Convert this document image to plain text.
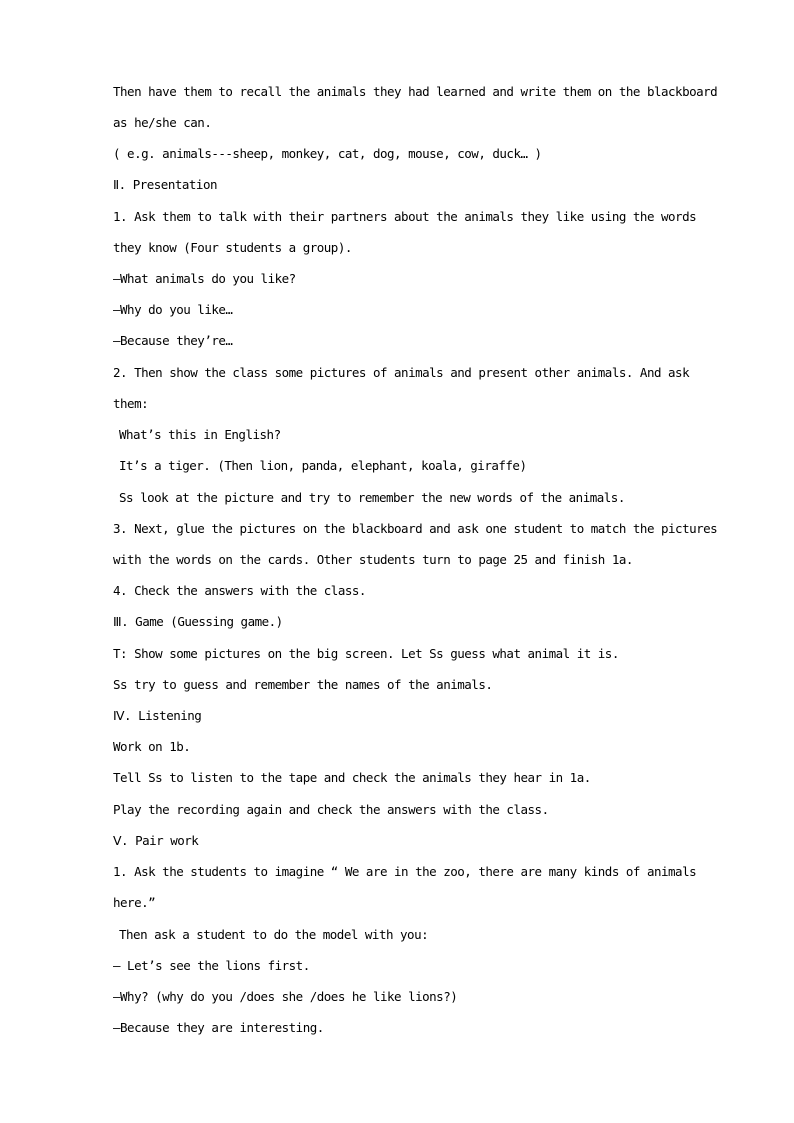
Then have them to recall the animals they had learned and write them on the blackboard
as he/she can.
( e.g. animals---sheep, monkey, cat, dog, mouse, cow, duck… )
Ⅱ. Presentation
1. Ask them to talk with their partners about the animals they like using the words
they know (Four students a group).
—What animals do you like?
—Why do you like…
—Because they’re…
2. Then show the class some pictures of animals and present other animals. And ask
them:
What’s this in English?
It’s a tiger. (Then lion, panda, elephant, koala, giraffe)
Ss look at the picture and try to remember the new words of the animals.
3. Next, glue the pictures on the blackboard and ask one student to match the pictures
with the words on the cards. Other students turn to page 25 and finish 1a.
4. Check the answers with the class.
Ⅲ. Game (Guessing game.)
T: Show some pictures on the big screen. Let Ss guess what animal it is.
Ss try to guess and remember the names of the animals.
Ⅳ. Listening
Work on 1b.
Tell Ss to listen to the tape and check the animals they hear in 1a.
Play the recording again and check the answers with the class.
Ⅴ. Pair work
1. Ask the students to imagine “ We are in the zoo, there are many kinds of animals
here.”
Then ask a student to do the model with you:
— Let’s see the lions first.
—Why? (why do you /does she /does he like lions?)
—Because they are interesting.
